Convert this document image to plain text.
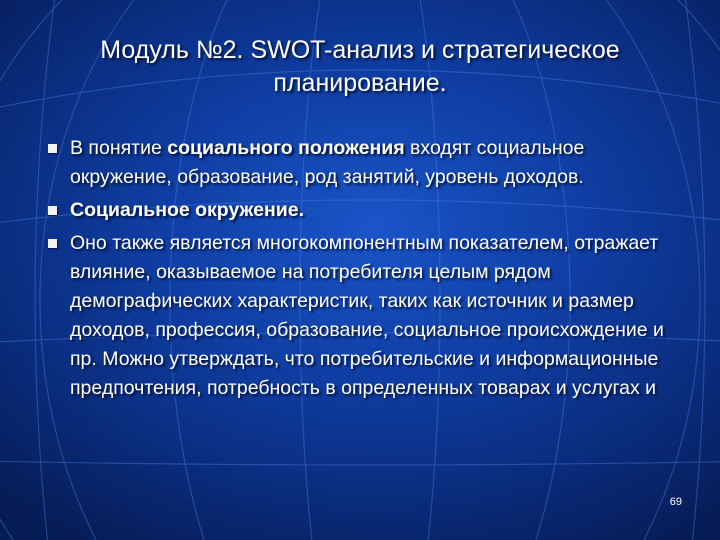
Модуль №2. SWOT-анализ и стратегическое
планирование.
В понятие социального положения входят социальное окружение, образование, род занятий, уровень доходов.
Социальное окружение.
Оно также является многокомпонентным показателем, отражает влияние, оказываемое на потребителя целым рядом демографических характеристик, таких как источник и размер доходов, профессия, образование, социальное происхождение и пр. Можно утверждать, что потребительские и информационные предпочтения, потребность в определенных товарах и услугах и
69
